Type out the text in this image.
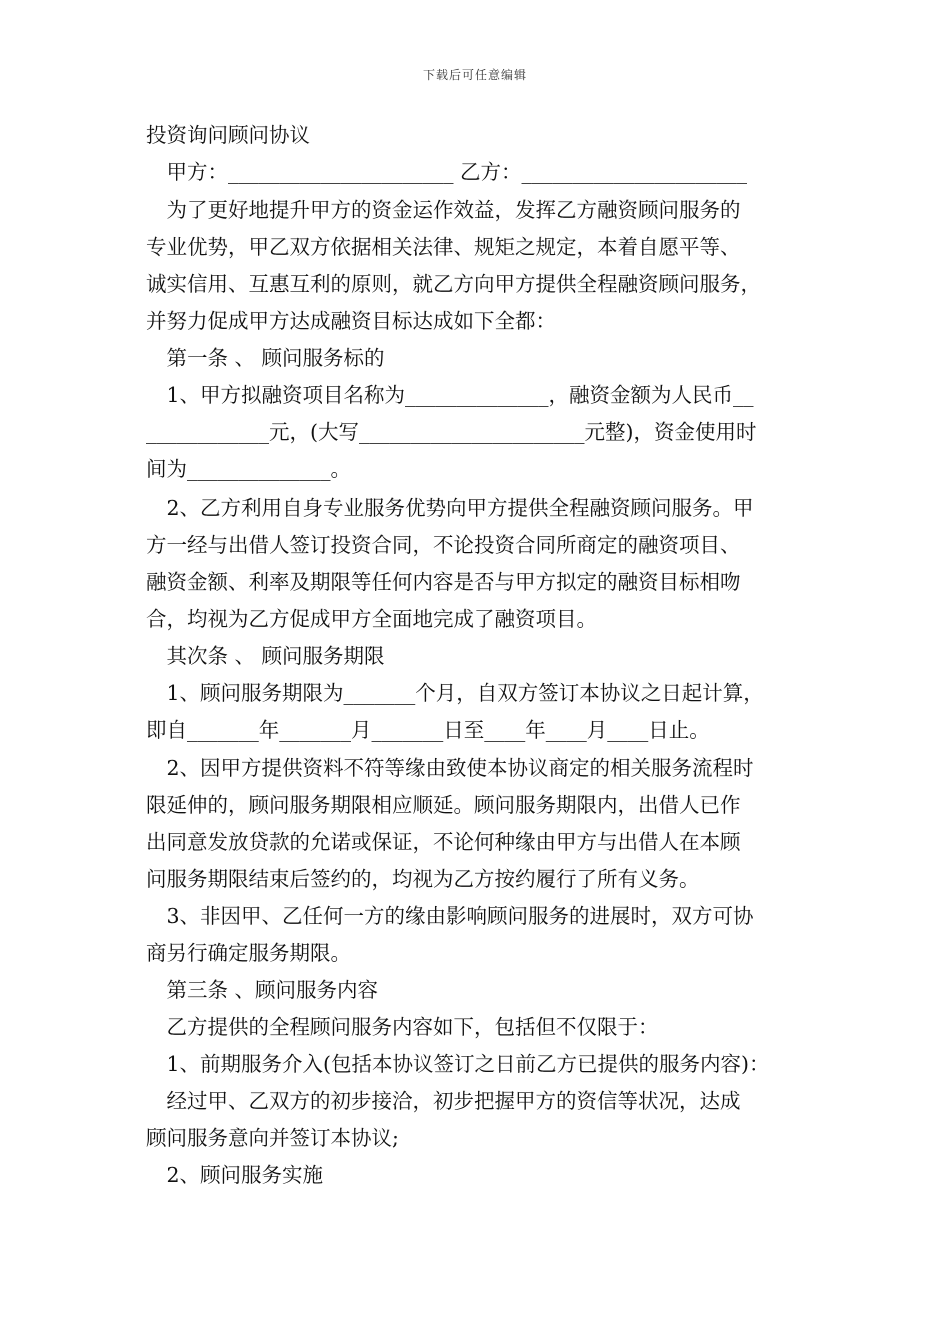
下载后可任意编辑
投资询问顾问协议
　甲方：______________________ 乙方：______________________
　为了更好地提升甲方的资金运作效益，发挥乙方融资顾问服务的
专业优势，甲乙双方依据相关法律、规矩之规定，本着自愿平等、
诚实信用、互惠互利的原则，就乙方向甲方提供全程融资顾问服务，
并努力促成甲方达成融资目标达成如下全都：
　第一条 、 顾问服务标的
　1、甲方拟融资项目名称为______________，融资金额为人民币__
____________元，(大写______________________元整)，资金使用时
间为______________。
　2、乙方利用自身专业服务优势向甲方提供全程融资顾问服务。甲
方一经与出借人签订投资合同，不论投资合同所商定的融资项目、
融资金额、利率及期限等任何内容是否与甲方拟定的融资目标相吻
合，均视为乙方促成甲方全面地完成了融资项目。
　其次条 、 顾问服务期限
　1、顾问服务期限为_______个月，自双方签订本协议之日起计算，
即自_______年_______月_______日至____年____月____日止。
　2、因甲方提供资料不符等缘由致使本协议商定的相关服务流程时
限延伸的，顾问服务期限相应顺延。顾问服务期限内，出借人已作
出同意发放贷款的允诺或保证，不论何种缘由甲方与出借人在本顾
问服务期限结束后签约的，均视为乙方按约履行了所有义务。
　3、非因甲、乙任何一方的缘由影响顾问服务的进展时，双方可协
商另行确定服务期限。
　第三条 、顾问服务内容
　乙方提供的全程顾问服务内容如下，包括但不仅限于：
　1、前期服务介入(包括本协议签订之日前乙方已提供的服务内容)：
　经过甲、乙双方的初步接洽，初步把握甲方的资信等状况，达成
顾问服务意向并签订本协议;
　2、顾问服务实施
